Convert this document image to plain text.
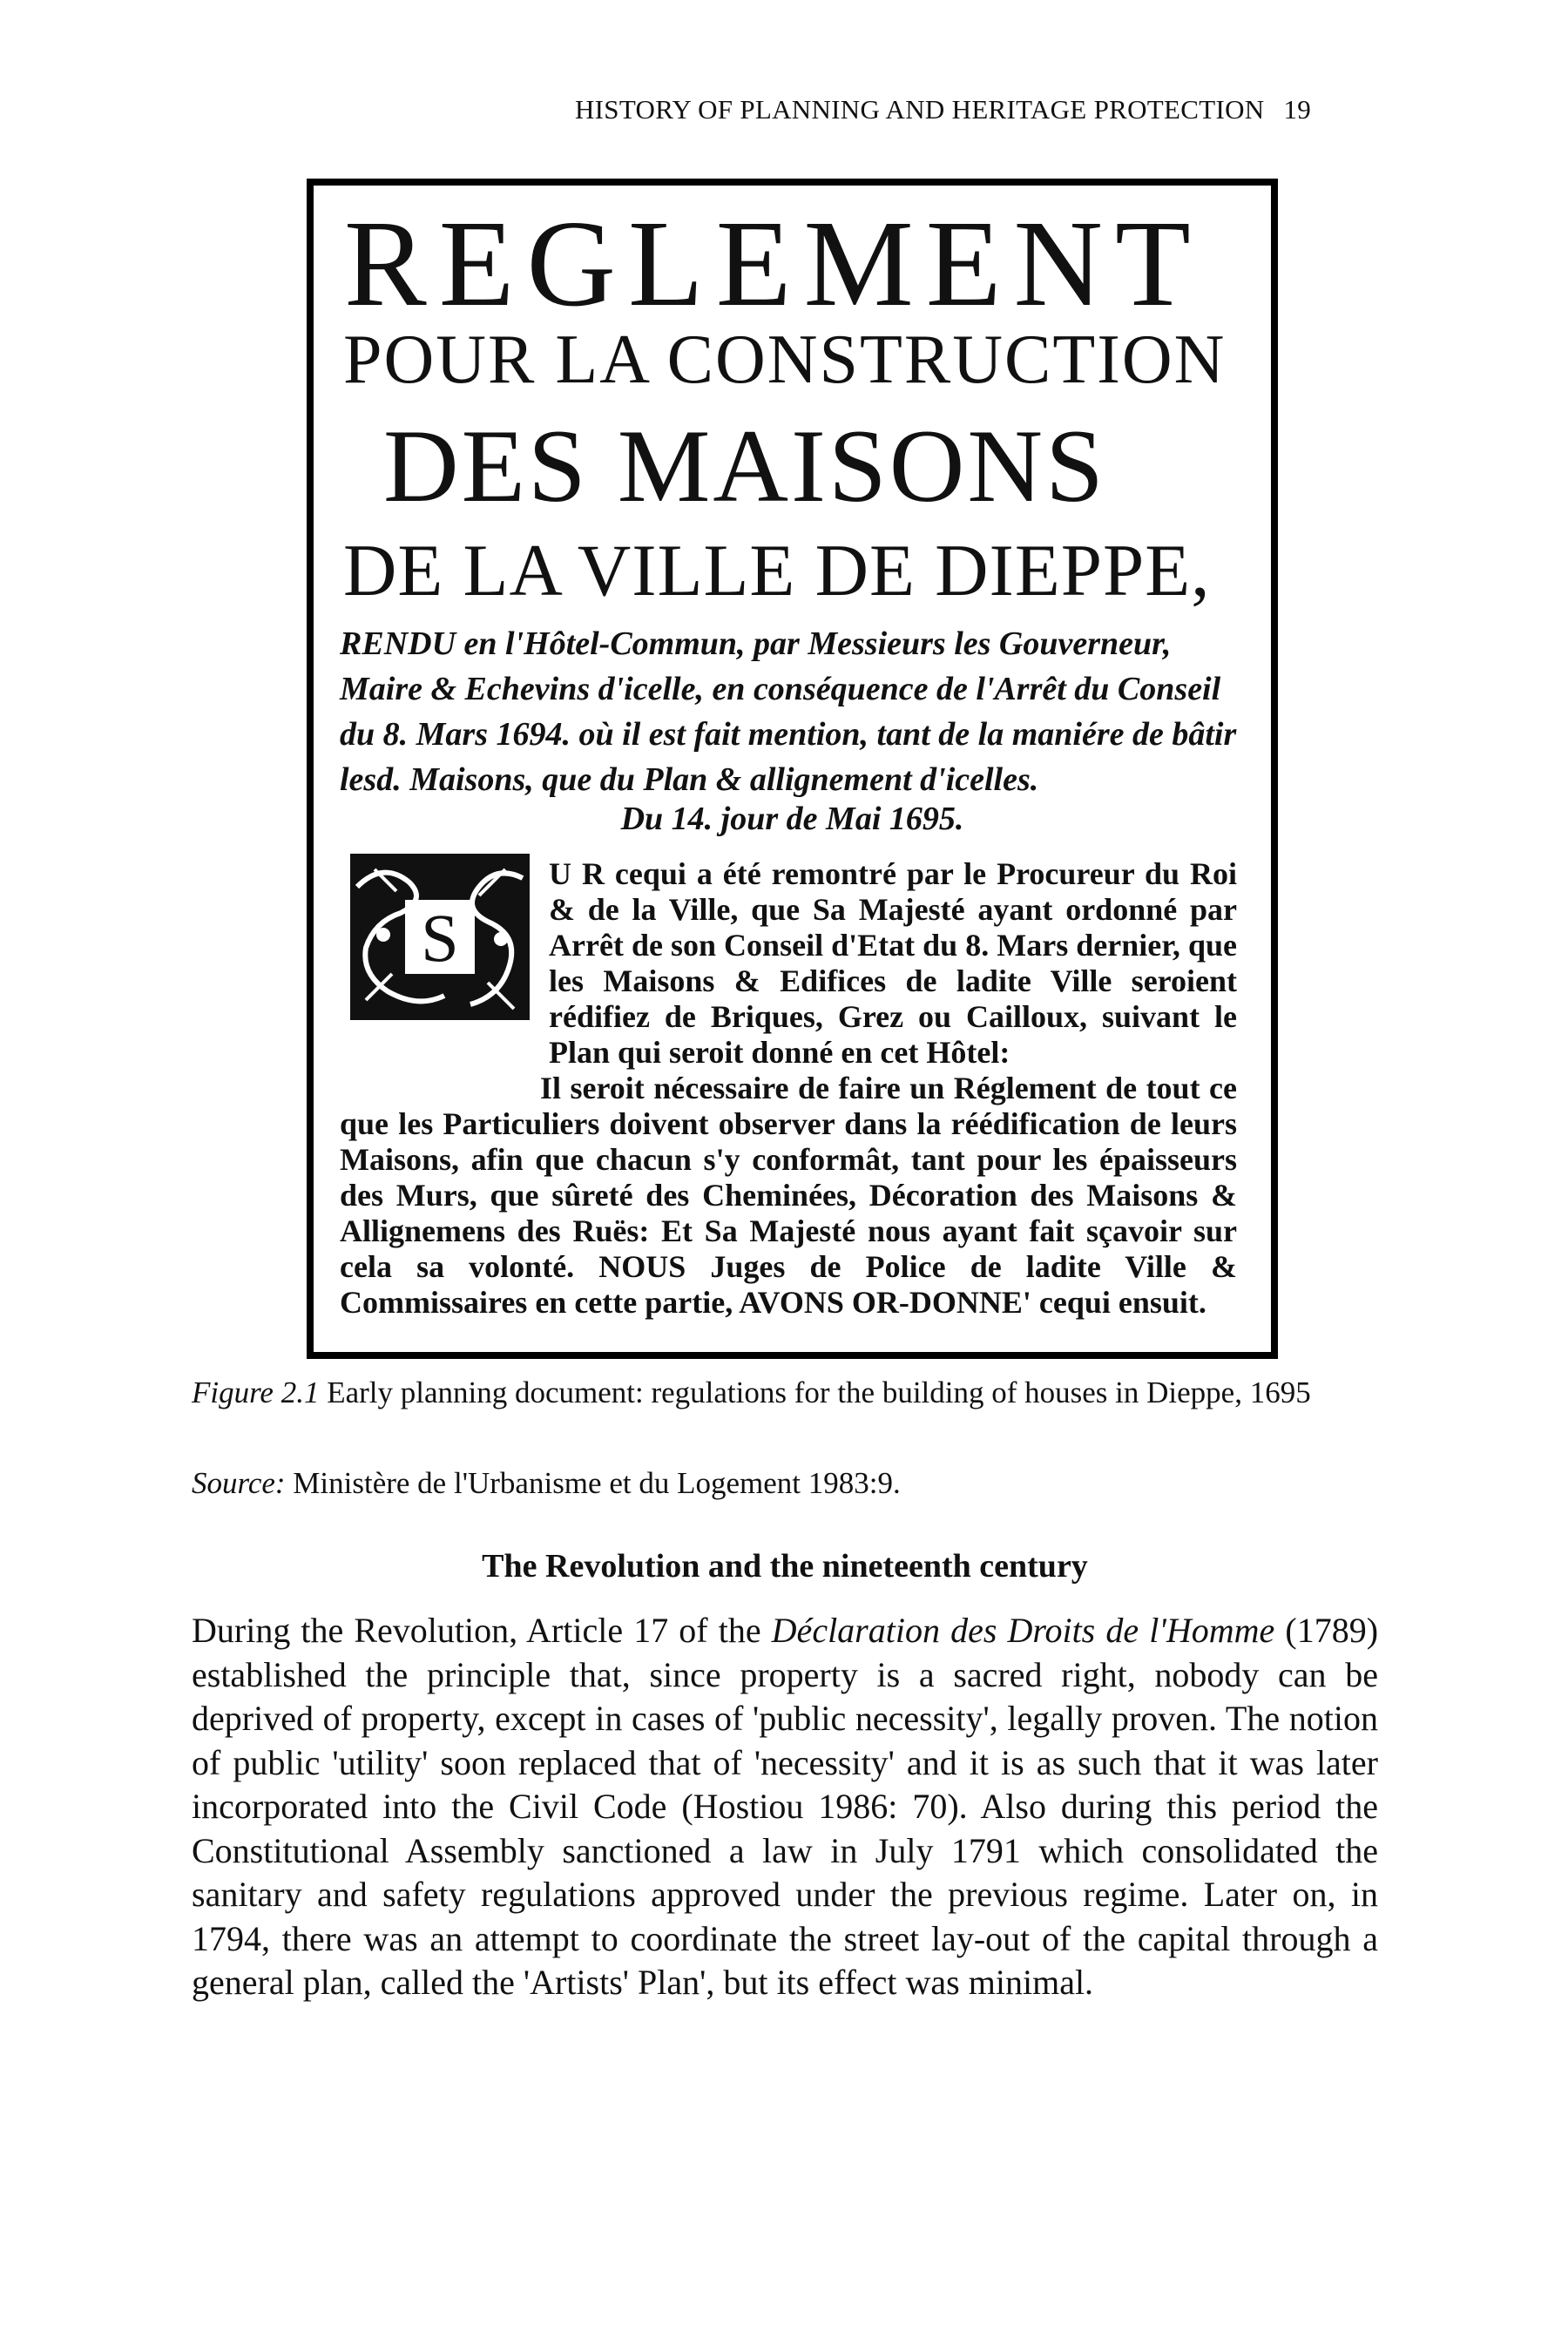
HISTORY OF PLANNING AND HERITAGE PROTECTION 19
REGLEMENT
POUR LA CONSTRUCTION
DES MAISONS
DE LA VILLE DE DIEPPE,
RENDU en l'Hôtel-Commun, par Messieurs les Gouverneur, Maire & Echevins d'icelle, en conséquence de l'Arrêt du Conseil du 8. Mars 1694. où il est fait mention, tant de la maniére de bâtir lesd. Maisons, que du Plan & allignement d'icelles.
Du 14. jour de Mai 1695.
S
U R cequi a été remontré par le Procureur du Roi & de la Ville, que Sa Majesté ayant ordonné par Arrêt de son Conseil d'Etat du 8. Mars dernier, que les Maisons & Edifices de ladite Ville seroient rédifiez de Briques, Grez ou Cailloux, suivant le Plan qui seroit donné en cet Hôtel:
Il seroit nécessaire de faire un Réglement de tout ce que les Particuliers doivent observer dans la réédification de leurs Maisons, afin que chacun s'y conformât, tant pour les épaisseurs des Murs, que sûreté des Cheminées, Décoration des Maisons & Allignemens des Ruës: Et Sa Majesté nous ayant fait sçavoir sur cela sa volonté. NOUS Juges de Police de ladite Ville & Commissaires en cette partie, AVONS OR-DONNE' cequi ensuit.
Figure 2.1 Early planning document: regulations for the building of houses in Dieppe, 1695
Source: Ministère de l'Urbanisme et du Logement 1983:9.
The Revolution and the nineteenth century
During the Revolution, Article 17 of the Déclaration des Droits de l'Homme (1789) established the principle that, since property is a sacred right, nobody can be deprived of property, except in cases of 'public necessity', legally proven. The notion of public 'utility' soon replaced that of 'necessity' and it is as such that it was later incorporated into the Civil Code (Hostiou 1986: 70). Also during this period the Constitutional Assembly sanctioned a law in July 1791 which consolidated the sanitary and safety regulations approved under the previous regime. Later on, in 1794, there was an attempt to coordinate the street lay-out of the capital through a general plan, called the 'Artists' Plan', but its effect was minimal.
